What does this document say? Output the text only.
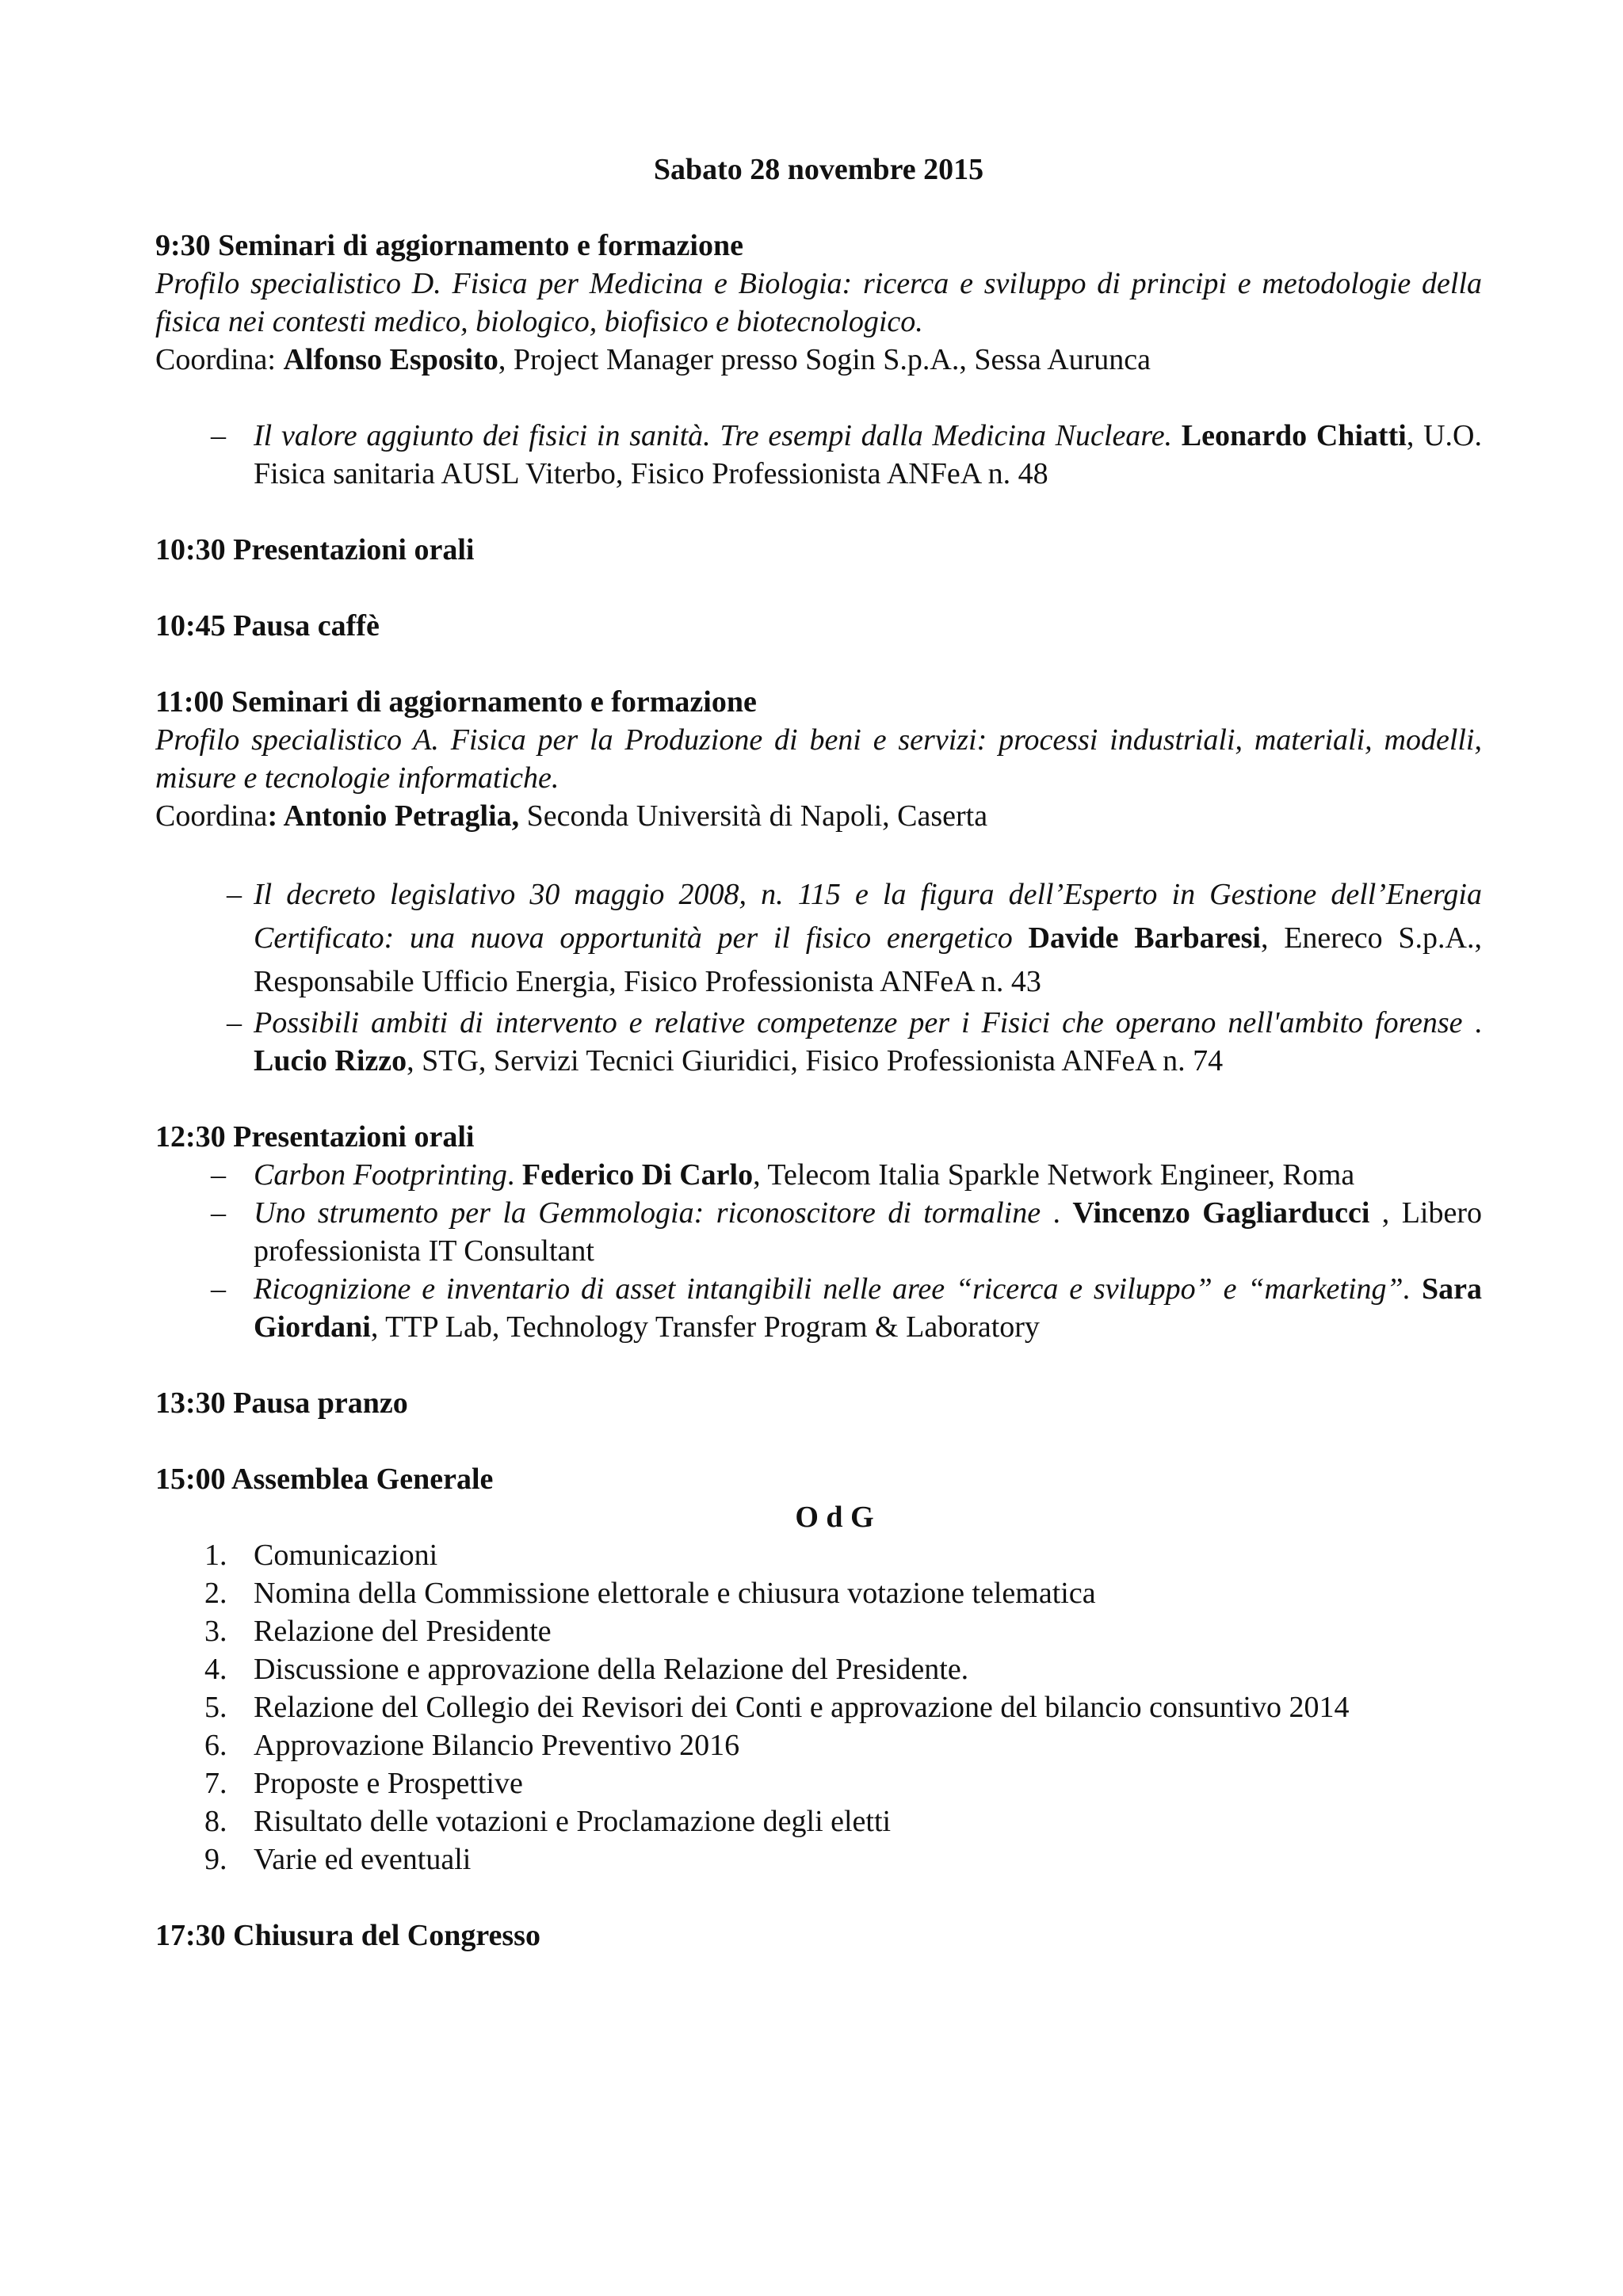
Sabato 28 novembre 2015
9:30 Seminari di aggiornamento e formazione
Profilo specialistico D. Fisica per Medicina e Biologia: ricerca e sviluppo di principi e metodologie della fisica nei contesti medico, biologico, biofisico e biotecnologico.
Coordina: Alfonso Esposito, Project Manager presso Sogin S.p.A., Sessa Aurunca
– Il valore aggiunto dei fisici in sanità. Tre esempi dalla Medicina Nucleare. Leonardo Chiatti, U.O. Fisica sanitaria AUSL Viterbo, Fisico Professionista ANFeA n. 48
10:30 Presentazioni orali
10:45 Pausa caffè
11:00 Seminari di aggiornamento e formazione
Profilo specialistico A. Fisica per la Produzione di beni e servizi: processi industriali, materiali, modelli, misure e tecnologie informatiche.
Coordina: Antonio Petraglia, Seconda Università di Napoli, Caserta
– Il decreto legislativo 30 maggio 2008, n. 115 e la figura dell’Esperto in Gestione dell’Energia Certificato: una nuova opportunità per il fisico energetico Davide Barbaresi, Enereco S.p.A., Responsabile Ufficio Energia, Fisico Professionista ANFeA n. 43
– Possibili ambiti di intervento e relative competenze per i Fisici che operano nell'ambito forense . Lucio Rizzo, STG, Servizi Tecnici Giuridici, Fisico Professionista ANFeA n. 74
12:30 Presentazioni orali
– Carbon Footprinting. Federico Di Carlo, Telecom Italia Sparkle Network Engineer, Roma
– Uno strumento per la Gemmologia: riconoscitore di tormaline . Vincenzo Gagliarducci , Libero professionista IT Consultant
– Ricognizione e inventario di asset intangibili nelle aree “ricerca e sviluppo” e “marketing”. Sara Giordani, TTP Lab, Technology Transfer Program & Laboratory
13:30 Pausa pranzo
15:00 Assemblea Generale
O d G
1. Comunicazioni
2. Nomina della Commissione elettorale e chiusura votazione telematica
3. Relazione del Presidente
4. Discussione e approvazione della Relazione del Presidente.
5. Relazione del Collegio dei Revisori dei Conti e approvazione del bilancio consuntivo 2014
6. Approvazione Bilancio Preventivo 2016
7. Proposte e Prospettive
8. Risultato delle votazioni e Proclamazione degli eletti
9. Varie ed eventuali
17:30 Chiusura del Congresso
